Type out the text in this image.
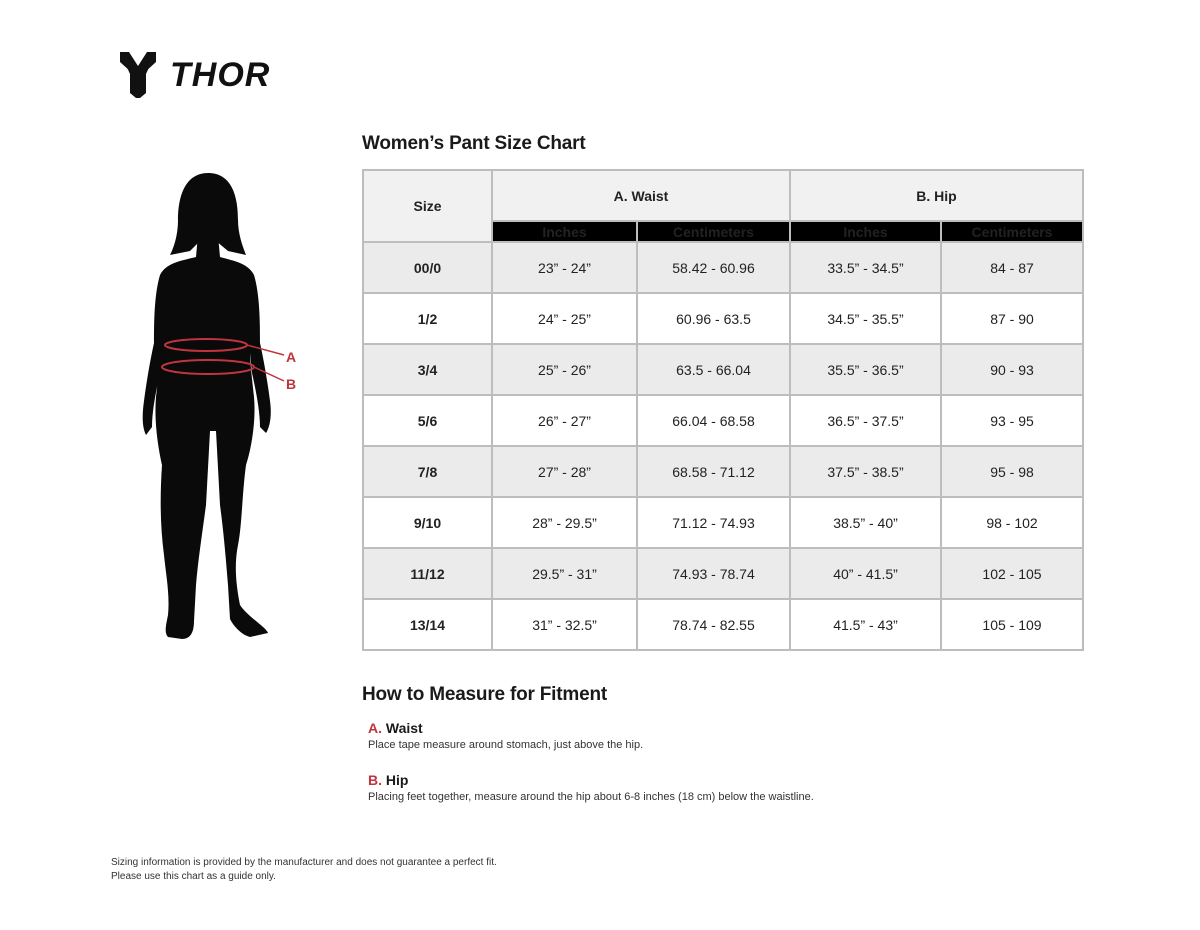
THOR
A
B
Women’s Pant Size Chart
Size	A. Waist		B. Hip	
	Inches	Centimeters	Inches	Centimeters
00/0	23” - 24”	58.42 - 60.96	33.5” - 34.5”	84 - 87
1/2	24” - 25”	60.96 - 63.5	34.5” - 35.5”	87 - 90
3/4	25” - 26”	63.5 - 66.04	35.5” - 36.5”	90 - 93
5/6	26” - 27”	66.04 - 68.58	36.5” - 37.5”	93 - 95
7/8	27” - 28”	68.58 - 71.12	37.5” - 38.5”	95 - 98
9/10	28” - 29.5”	71.12 - 74.93	38.5” - 40”	98 - 102
11/12	29.5” - 31”	74.93 - 78.74	40” - 41.5”	102 - 105
13/14	31” - 32.5”	78.74 - 82.55	41.5” - 43”	105 - 109
How to Measure for Fitment
A. Waist
Place tape measure around stomach, just above the hip.
B. Hip
Placing feet together, measure around the hip about 6-8 inches (18 cm) below the waistline.
Sizing information is provided by the manufacturer and does not guarantee a perfect fit.
Please use this chart as a guide only.
